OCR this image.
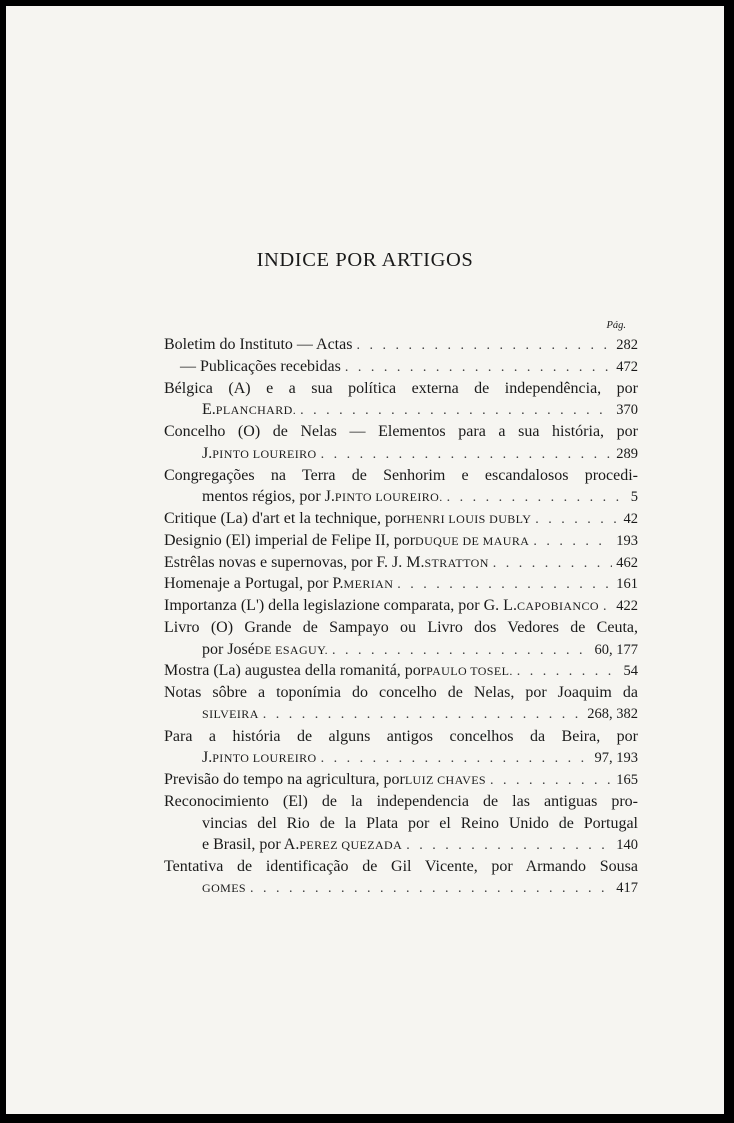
INDICE POR ARTIGOS
Pág.
Boletim do Instituto — Actas . . .	282
— Publicações recebidas . . .	472
Bélgica (A) e a sua política externa de independência, por
E. PLANCHARD. . . .	370
Concelho (O) de Nelas — Elementos para a sua história, por
J. PINTO LOUREIRO . . .	289
Congregações na Terra de Senhorim e escandalosos procedi-
mentos régios, por J. PINTO LOUREIRO. . . .	5
Critique (La) d'art et la technique, por HENRI LOUIS DUBLY . . .	42
Designio (El) imperial de Felipe II, por DUQUE DE MAURA . . .	193
Estrêlas novas e supernovas, por F. J. M. STRATTON . . .	462
Homenaje a Portugal, por P. MERIAN . . .	161
Importanza (L') della legislazione comparata, por G. L. CAPOBIANCO . . . 422
Livro (O) Grande de Sampayo ou Livro dos Vedores de Ceuta,
por José DE ESAGUY. . . .	60, 177
Mostra (La) augustea della romanitá, por PAULO TOSEL. . . .	54
Notas sôbre a toponímia do concelho de Nelas, por Joaquim da
SILVEIRA . . .	268, 382
Para a história de alguns antigos concelhos da Beira, por
J. PINTO LOUREIRO . . .	97, 193
Previsão do tempo na agricultura, por LUIZ CHAVES . . .	165
Reconocimiento (El) de la independencia de las antiguas pro-
vincias del Rio de la Plata por el Reino Unido de Portugal
e Brasil, por A. PEREZ QUEZADA . . .	140
Tentativa de identificação de Gil Vicente, por Armando Sousa
GOMES . . .	417
